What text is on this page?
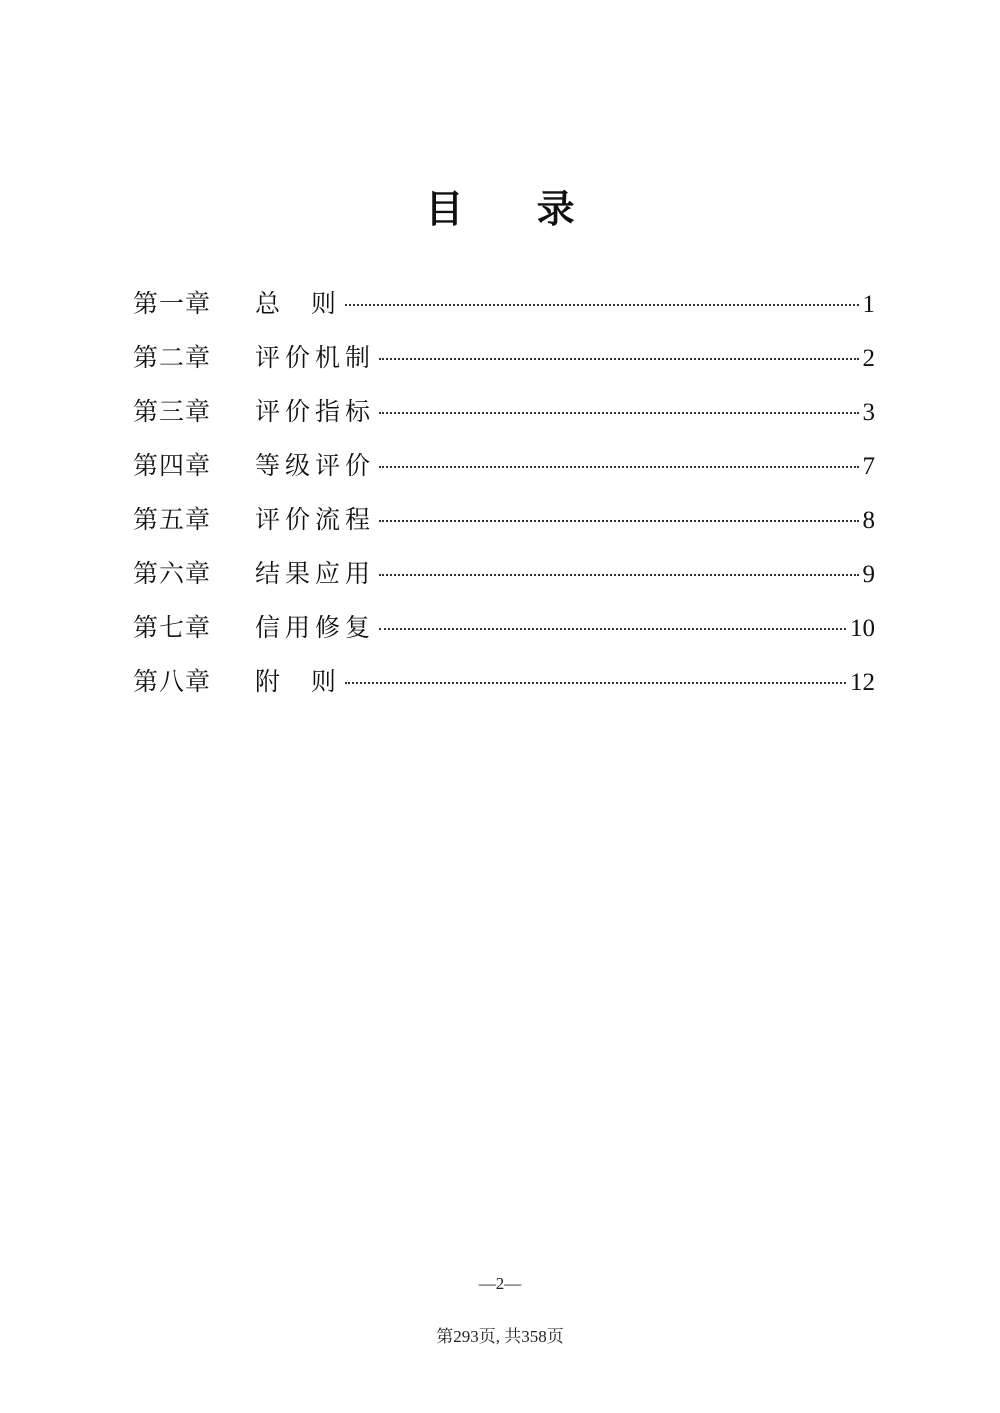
目 录
第一章	总  则	1
第二章	评价机制	2
第三章	评价指标	3
第四章	等级评价	7
第五章	评价流程	8
第六章	结果应用	9
第七章	信用修复	10
第八章	附  则	12
—2—
第293页, 共358页
